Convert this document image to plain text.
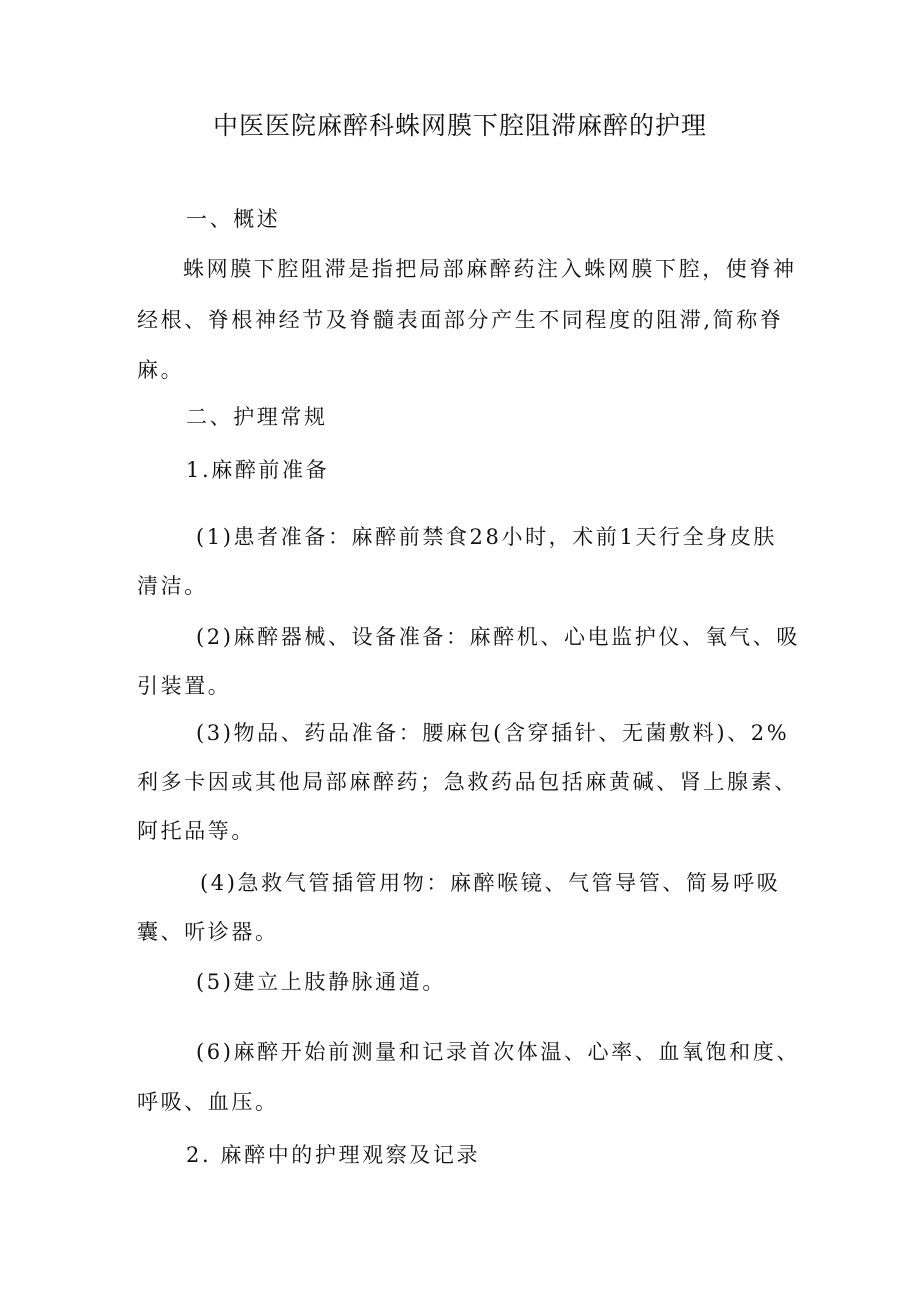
中医医院麻醉科蛛网膜下腔阻滞麻醉的护理

一、概述

蛛网膜下腔阻滞是指把局部麻醉药注入蛛网膜下腔，使脊神

经根、脊根神经节及脊髓表面部分产生不同程度的阻滞,简称脊

麻。

二、护理常规

1.麻醉前准备

(1)患者准备：麻醉前禁食28小时，术前1天行全身皮肤

清洁。

(2)麻醉器械、设备准备：麻醉机、心电监护仪、氧气、吸

引装置。

(3)物品、药品准备：腰麻包(含穿插针、无菌敷料)、2%

利多卡因或其他局部麻醉药；急救药品包括麻黄碱、肾上腺素、

阿托品等。

(4)急救气管插管用物：麻醉喉镜、气管导管、简易呼吸

囊、听诊器。

(5)建立上肢静脉通道。

(6)麻醉开始前测量和记录首次体温、心率、血氧饱和度、

呼吸、血压。

2. 麻醉中的护理观察及记录
